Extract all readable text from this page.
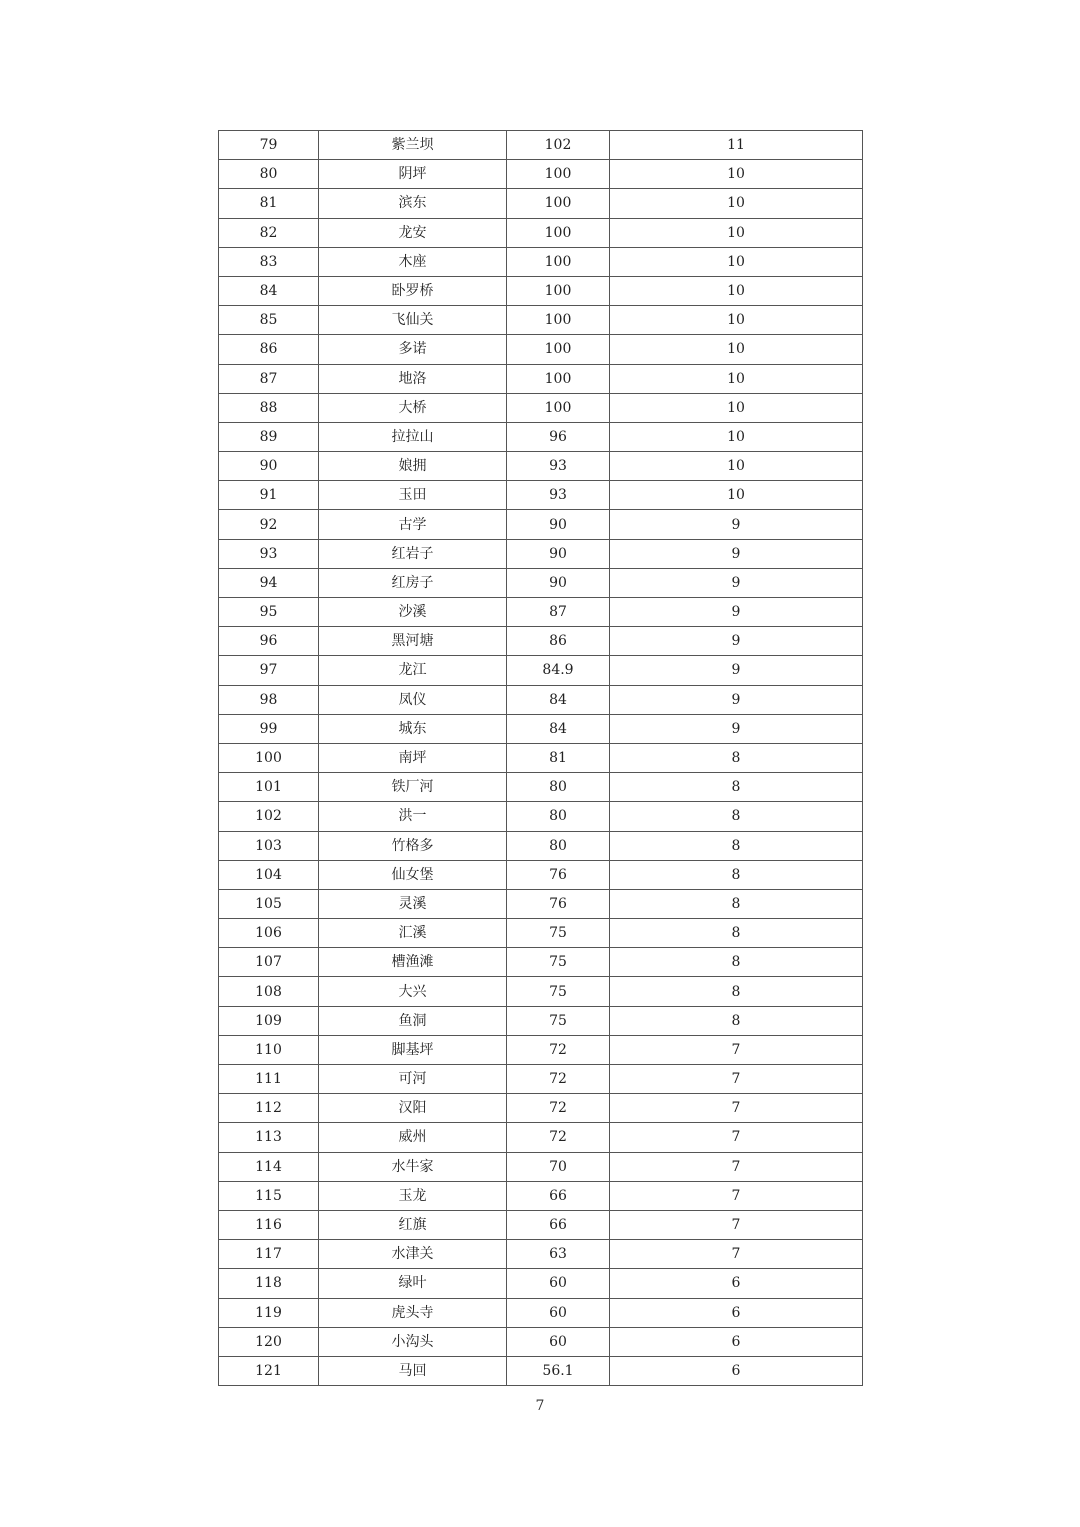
79	紫兰坝	102	11
80	阴坪	100	10
81	滨东	100	10
82	龙安	100	10
83	木座	100	10
84	卧罗桥	100	10
85	飞仙关	100	10
86	多诺	100	10
87	地洛	100	10
88	大桥	100	10
89	拉拉山	96	10
90	娘拥	93	10
91	玉田	93	10
92	古学	90	9
93	红岩子	90	9
94	红房子	90	9
95	沙溪	87	9
96	黑河塘	86	9
97	龙江	84.9	9
98	凤仪	84	9
99	城东	84	9
100	南坪	81	8
101	铁厂河	80	8
102	洪一	80	8
103	竹格多	80	8
104	仙女堡	76	8
105	灵溪	76	8
106	汇溪	75	8
107	槽渔滩	75	8
108	大兴	75	8
109	鱼洞	75	8
110	脚基坪	72	7
111	可河	72	7
112	汉阳	72	7
113	威州	72	7
114	水牛家	70	7
115	玉龙	66	7
116	红旗	66	7
117	水津关	63	7
118	绿叶	60	6
119	虎头寺	60	6
120	小沟头	60	6
121	马回	56.1	6
7
